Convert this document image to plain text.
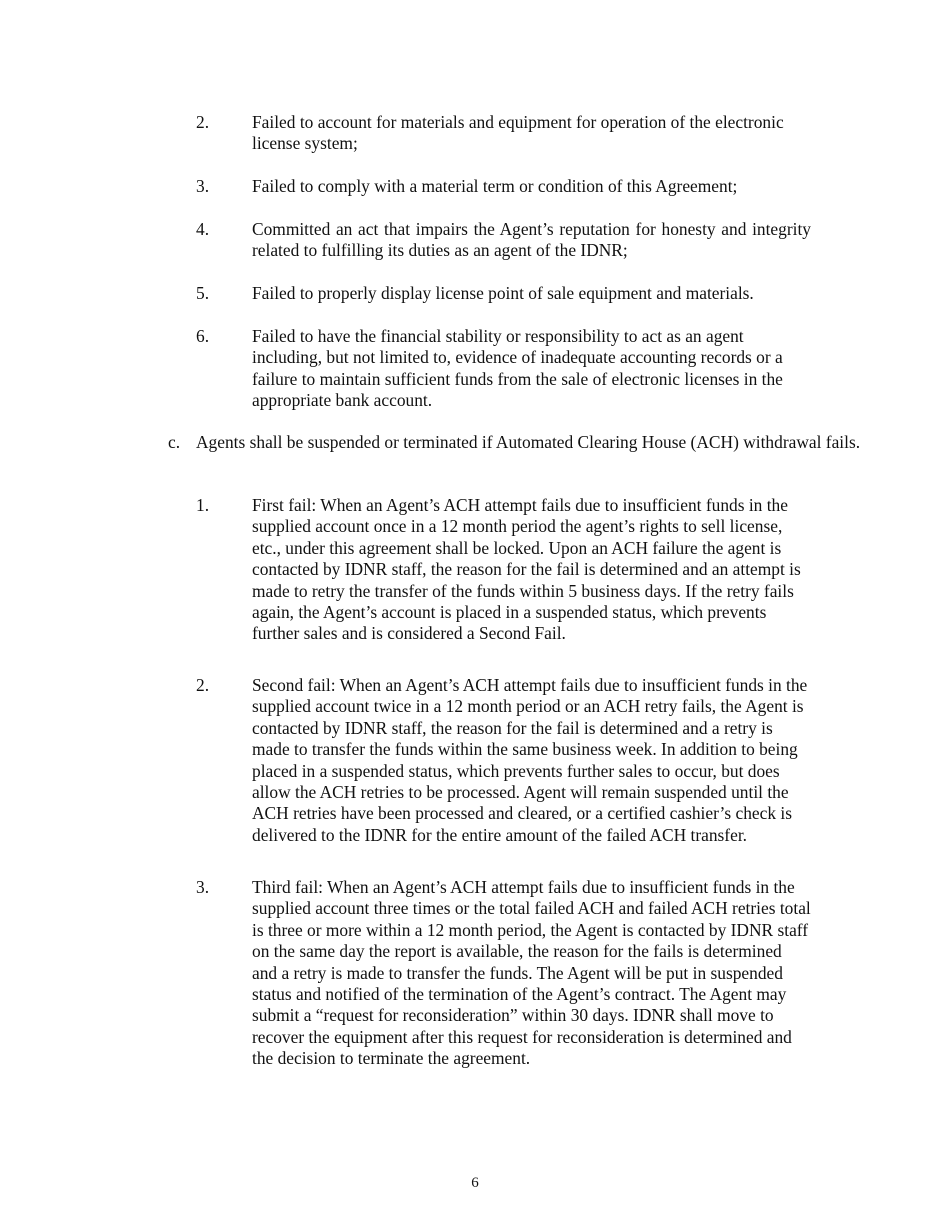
2.	Failed to account for materials and equipment for operation of the electronic license system;
3.	Failed to comply with a material term or condition of this Agreement;
4.	Committed an act that impairs the Agent’s reputation for honesty and integrity related to fulfilling its duties as an agent of the IDNR;
5.	Failed to properly display license point of sale equipment and materials.
6.	Failed to have the financial stability or responsibility to act as an agent including, but not limited to, evidence of inadequate accounting records or a failure to maintain sufficient funds from the sale of electronic licenses in the appropriate bank account.
c. Agents shall be suspended or terminated if Automated Clearing House (ACH) withdrawal fails.
1.	First fail: When an Agent’s ACH attempt fails due to insufficient funds in the supplied account once in a 12 month period the agent’s rights to sell license, etc., under this agreement shall be locked. Upon an ACH failure the agent is contacted by IDNR staff, the reason for the fail is determined and an attempt is made to retry the transfer of the funds within 5 business days. If the retry fails again, the Agent’s account is placed in a suspended status, which prevents further sales and is considered a Second Fail.
2.	Second fail: When an Agent’s ACH attempt fails due to insufficient funds in the supplied account twice in a 12 month period or an ACH retry fails, the Agent is contacted by IDNR staff, the reason for the fail is determined and a retry is made to transfer the funds within the same business week. In addition to being placed in a suspended status, which prevents further sales to occur, but does allow the ACH retries to be processed. Agent will remain suspended until the ACH retries have been processed and cleared, or a certified cashier’s check is delivered to the IDNR for the entire amount of the failed ACH transfer.
3.	Third fail: When an Agent’s ACH attempt fails due to insufficient funds in the supplied account three times or the total failed ACH and failed ACH retries total is three or more within a 12 month period, the Agent is contacted by IDNR staff on the same day the report is available, the reason for the fails is determined and a retry is made to transfer the funds. The Agent will be put in suspended status and notified of the termination of the Agent’s contract. The Agent may submit a “request for reconsideration” within 30 days. IDNR shall move to recover the equipment after this request for reconsideration is determined and the decision to terminate the agreement.
6
